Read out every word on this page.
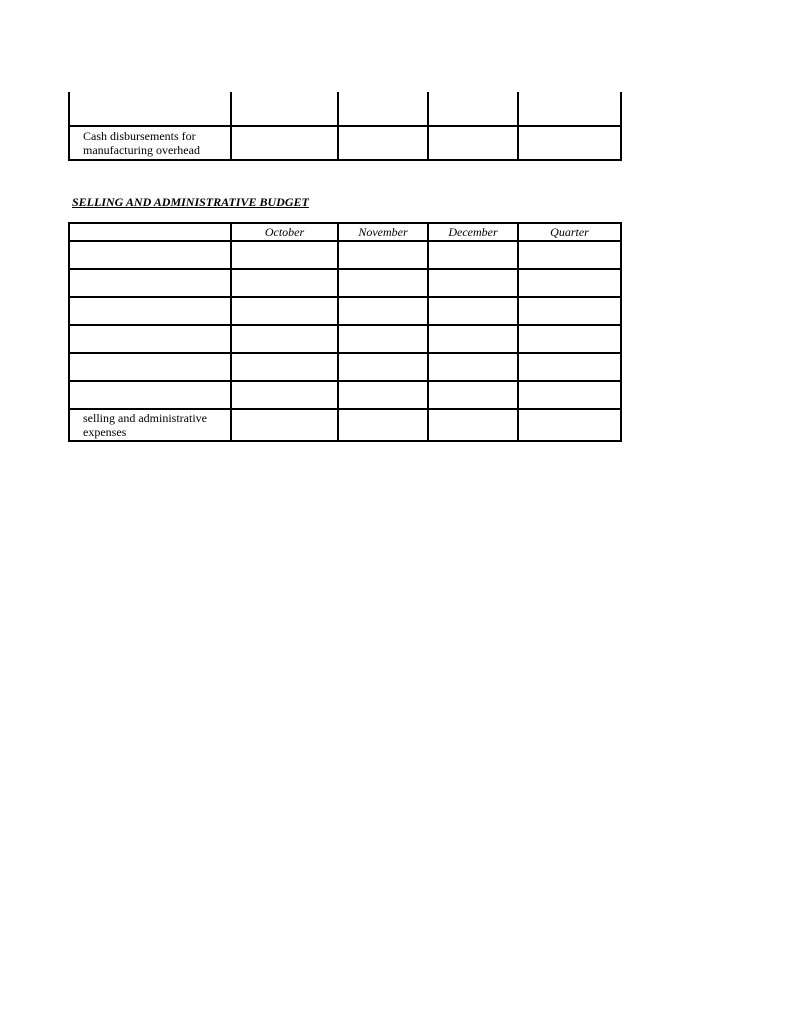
Cash disbursements for manufacturing overhead				
SELLING AND ADMINISTRATIVE BUDGET
	October	November	December	Quarter

selling and administrative expenses				
